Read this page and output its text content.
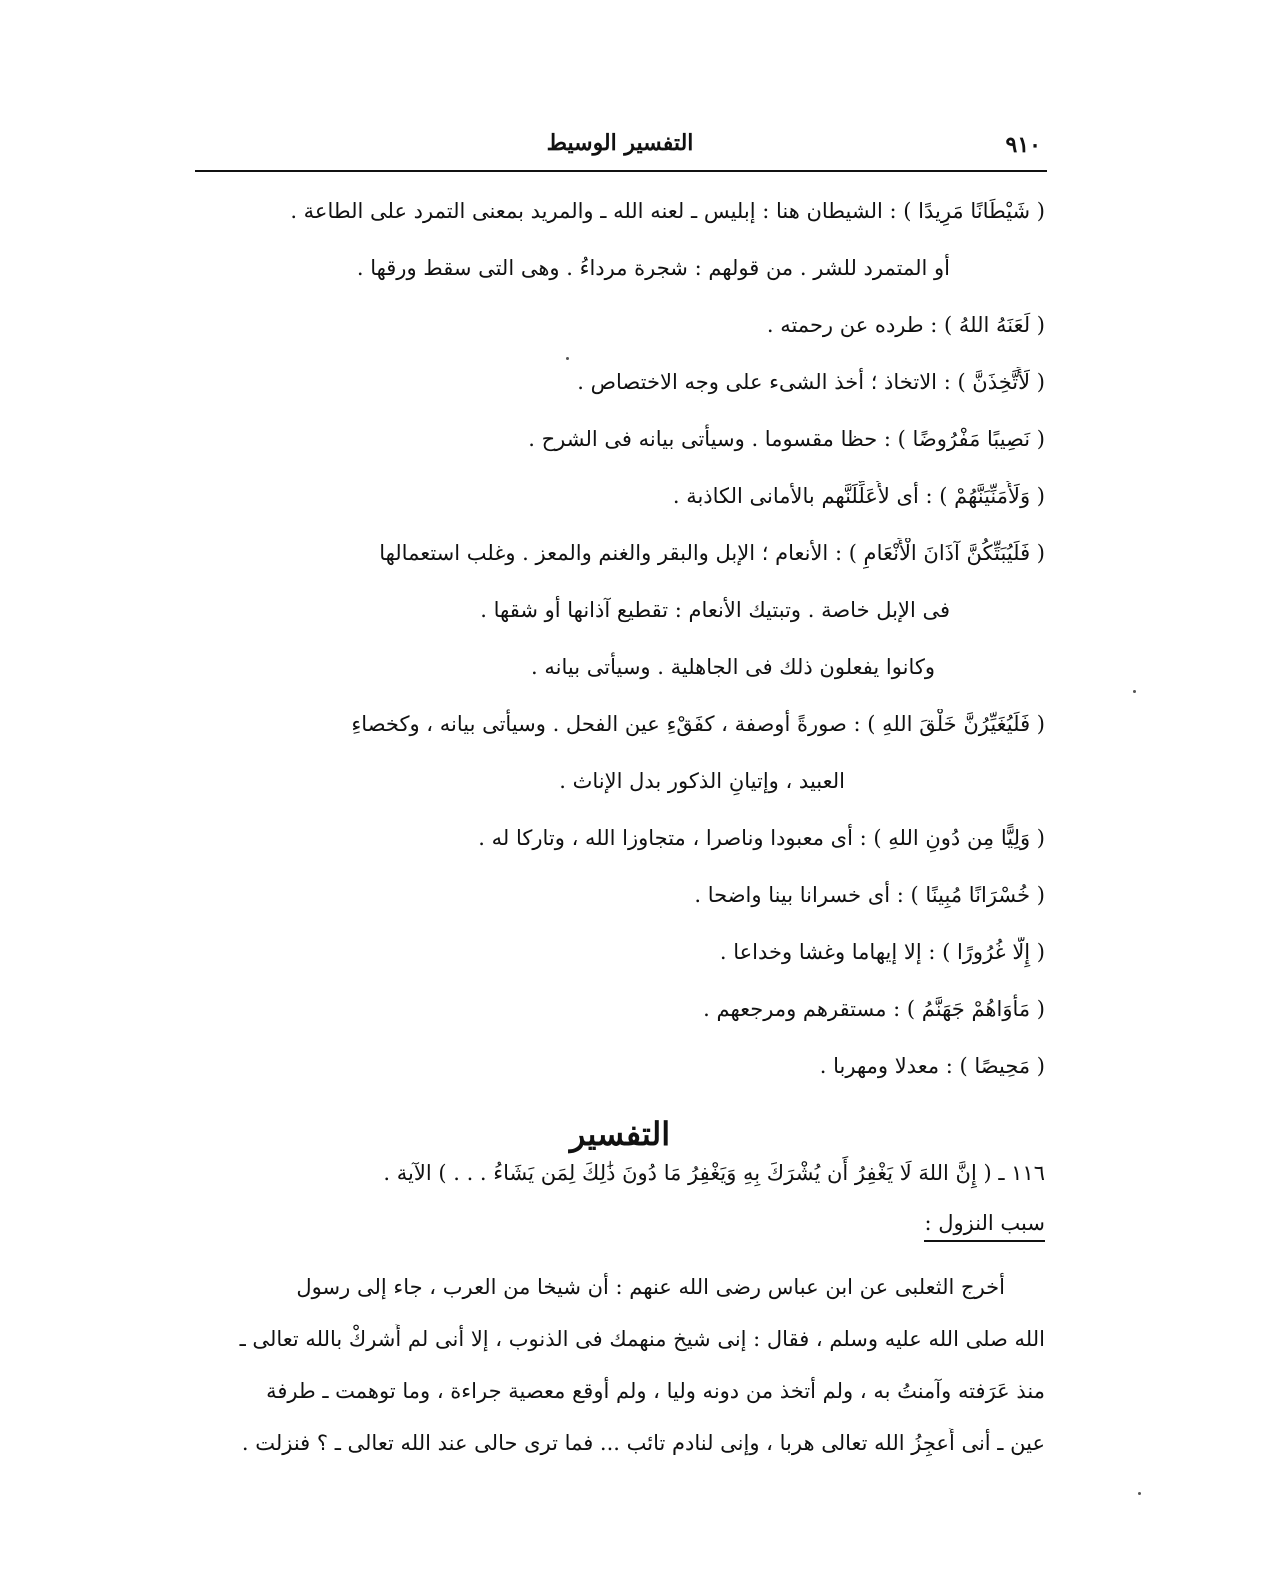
٩١٠
التفسير الوسيط
( شَيْطَانًا مَرِيدًا ) : الشيطان هنا : إبليس ـ لعنه الله ـ والمريد بمعنى التمرد على الطاعة .
أو المتمرد للشر . من قولهم : شجرة مرداءُ . وهى التى سقط ورقها .
( لَعَنَهُ اللهُ ) : طرده عن رحمته .
( لَأَتَّخِذَنَّ ) : الاتخاذ ؛ أخذ الشىء على وجه الاختصاص .
( نَصِيبًا مَفْرُوضًا ) : حظا مقسوما . وسيأتى بيانه فى الشرح .
( وَلَأُمَنِّيَنَّهُمْ ) : أى لأُعَلِّلَنَّهم بالأمانى الكاذبة .
( فَلَيُبَتِّكُنَّ آذَانَ الْأَنْعَامِ ) : الأنعام ؛ الإبل والبقر والغنم والمعز . وغلب استعمالها
فى الإبل خاصة . وتبتيك الأنعام : تقطيع آذانها أو شقها .
وكانوا يفعلون ذلك فى الجاهلية . وسيأتى بيانه .
( فَلَيُغَيِّرُنَّ خَلْقَ اللهِ ) : صورةً أوصفة ، كفَقْءِ عين الفحل . وسيأتى بيانه ، وكخصاءِ
العبيد ، وإتيانِ الذكور بدل الإناث .
( وَلِيًّا مِن دُونِ اللهِ ) : أى معبودا وناصرا ، متجاوزا الله ، وتاركا له .
( خُسْرَانًا مُبِينًا ) : أى خسرانا بينا واضحا .
( إِلَّا غُرُورًا ) : إلا إيهاما وغشا وخداعا .
( مَأْوَاهُمْ جَهَنَّمُ ) : مستقرهم ومرجعهم .
( مَحِيصًا ) : معدلا ومهربا .
التفسير
١١٦ ـ ( إِنَّ اللهَ لَا يَغْفِرُ أَن يُشْرَكَ بِهِ وَيَغْفِرُ مَا دُونَ ذَٰلِكَ لِمَن يَشَاءُ . . . ) الآية .
سبب النزول :
أخرج الثعلبى عن ابن عباس رضى الله عنهم : أن شيخا من العرب ، جاء إلى رسول
الله صلى الله عليه وسلم ، فقال : إنى شيخ منهمك فى الذنوب ، إلا أنى لم أُشركْ بالله تعالى ـ
منذ عَرَفته وآمنتُ به ، ولم أتخذ من دونه وليا ، ولم أوقع معصية جراءة ، وما توهمت ـ طرفة
عين ـ أنى أُعجِزُ الله تعالى هربا ، وإنى لنادم تائب ... فما ترى حالى عند الله تعالى ـ ؟ فنزلت .
